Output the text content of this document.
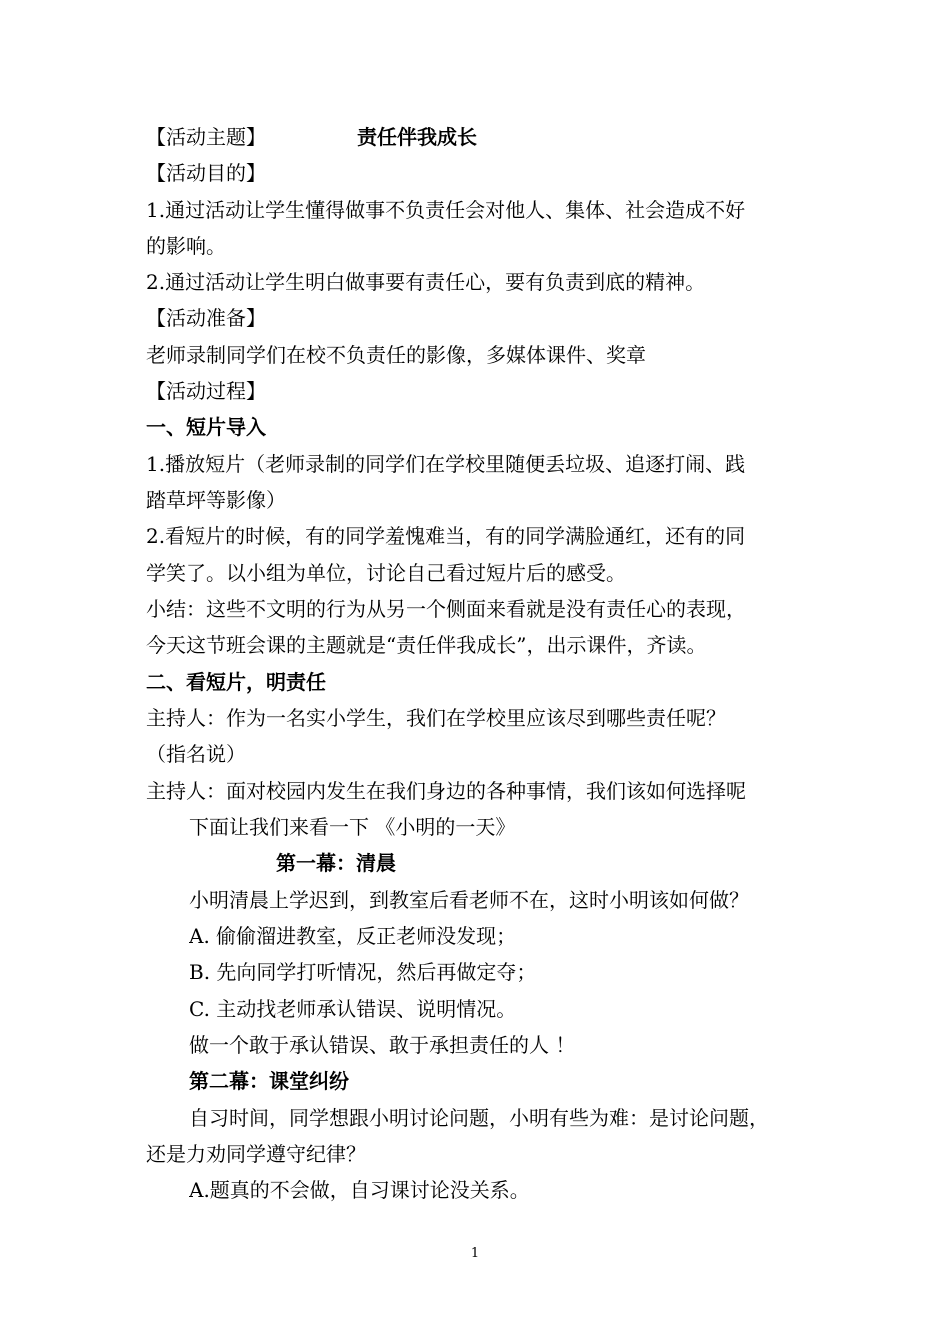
【活动主题】	责任伴我成长
【活动目的】
1.通过活动让学生懂得做事不负责任会对他人、集体、社会造成不好
的影响。
2.通过活动让学生明白做事要有责任心，要有负责到底的精神。
【活动准备】
老师录制同学们在校不负责任的影像，多媒体课件、奖章
【活动过程】
一、短片导入
1.播放短片（老师录制的同学们在学校里随便丢垃圾、追逐打闹、践
踏草坪等影像）
2.看短片的时候，有的同学羞愧难当，有的同学满脸通红，还有的同
学笑了。以小组为单位，讨论自己看过短片后的感受。
小结：这些不文明的行为从另一个侧面来看就是没有责任心的表现，
今天这节班会课的主题就是“责任伴我成长”，出示课件，齐读。
二、看短片，明责任
主持人：作为一名实小学生，我们在学校里应该尽到哪些责任呢？
（指名说）
主持人：面对校园内发生在我们身边的各种事情，我们该如何选择呢
下面让我们来看一下 《小明的一天》
第一幕：清晨
小明清晨上学迟到，到教室后看老师不在，这时小明该如何做？
A. 偷偷溜进教室，反正老师没发现；
B. 先向同学打听情况，然后再做定夺；
C. 主动找老师承认错误、说明情况。
做一个敢于承认错误、敢于承担责任的人 ！
第二幕：课堂纠纷
自习时间，同学想跟小明讨论问题，小明有些为难：是讨论问题，
还是力劝同学遵守纪律？
A.题真的不会做，自习课讨论没关系。
1
